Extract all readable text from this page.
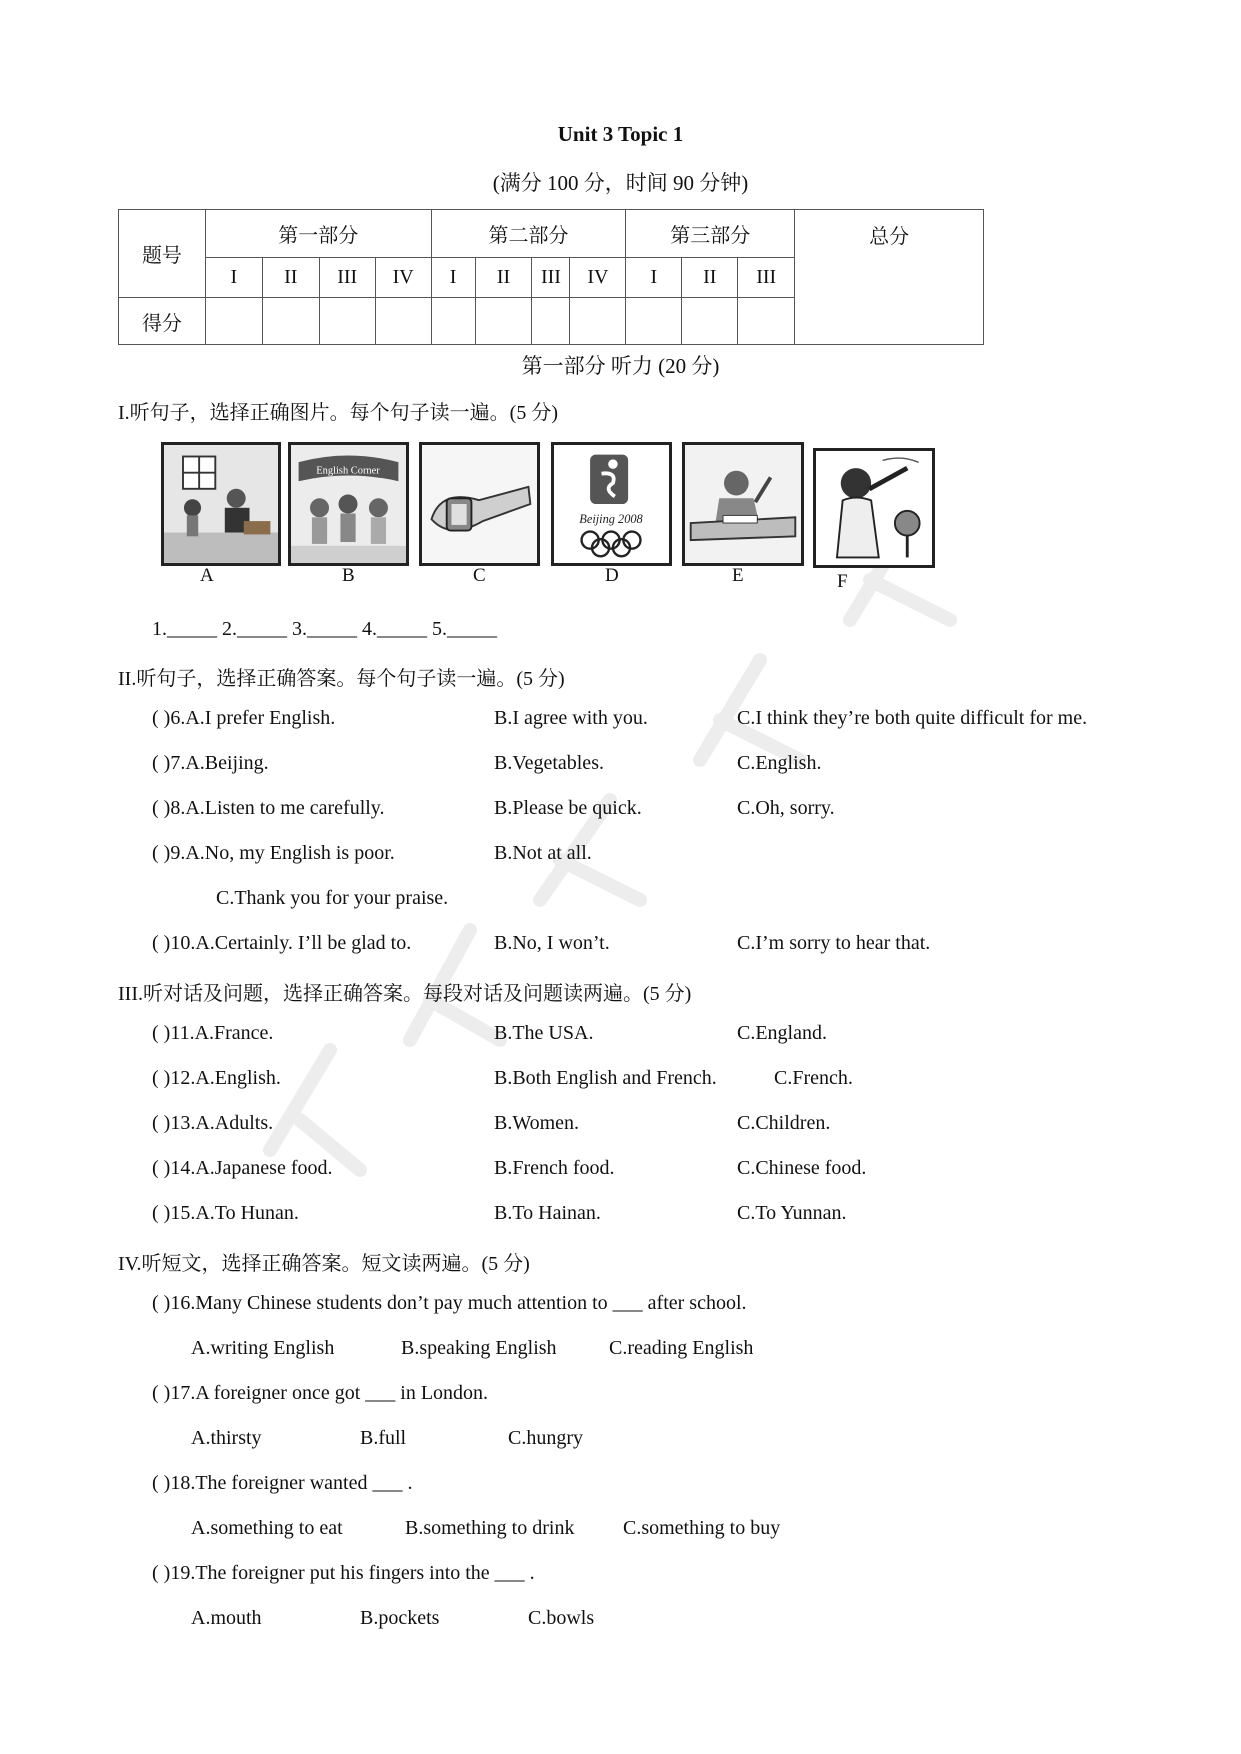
Unit 3 Topic 1
(满分 100 分，时间 90 分钟)
题号	第一部分				第二部分				第三部分			总分
	I	II	III	IV	I	II	III	IV	I	II	III	
得分												
第一部分 听力 (20 分)
I.听句子，选择正确图片。每个句子读一遍。(5 分)
A
English Corner
B	C
Beijing 2008
D	E	F
1._____ 2._____ 3._____ 4._____ 5._____
II.听句子，选择正确答案。每个句子读一遍。(5 分)
( )6.A.I prefer English.	B.I agree with you.	C.I think they’re both quite difficult for me.
( )7.A.Beijing.	B.Vegetables.	C.English.
( )8.A.Listen to me carefully.	B.Please be quick.	C.Oh, sorry.
( )9.A.No, my English is poor.	B.Not at all.
C.Thank you for your praise.
( )10.A.Certainly. I’ll be glad to.	B.No, I won’t.	C.I’m sorry to hear that.
III.听对话及问题，选择正确答案。每段对话及问题读两遍。(5 分)
( )11.A.France.	B.The USA.	C.England.
( )12.A.English.	B.Both English and French.	C.French.
( )13.A.Adults.	B.Women.	C.Children.
( )14.A.Japanese food.	B.French food.	C.Chinese food.
( )15.A.To Hunan.	B.To Hainan.	C.To Yunnan.
IV.听短文，选择正确答案。短文读两遍。(5 分)
( )16.Many Chinese students don’t pay much attention to ___ after school.
A.writing English	B.speaking English	C.reading English
( )17.A foreigner once got ___ in London.
A.thirsty	B.full	C.hungry
( )18.The foreigner wanted ___ .
A.something to eat	B.something to drink C.something to buy
( )19.The foreigner put his fingers into the ___ .
A.mouth	B.pockets	C.bowls
